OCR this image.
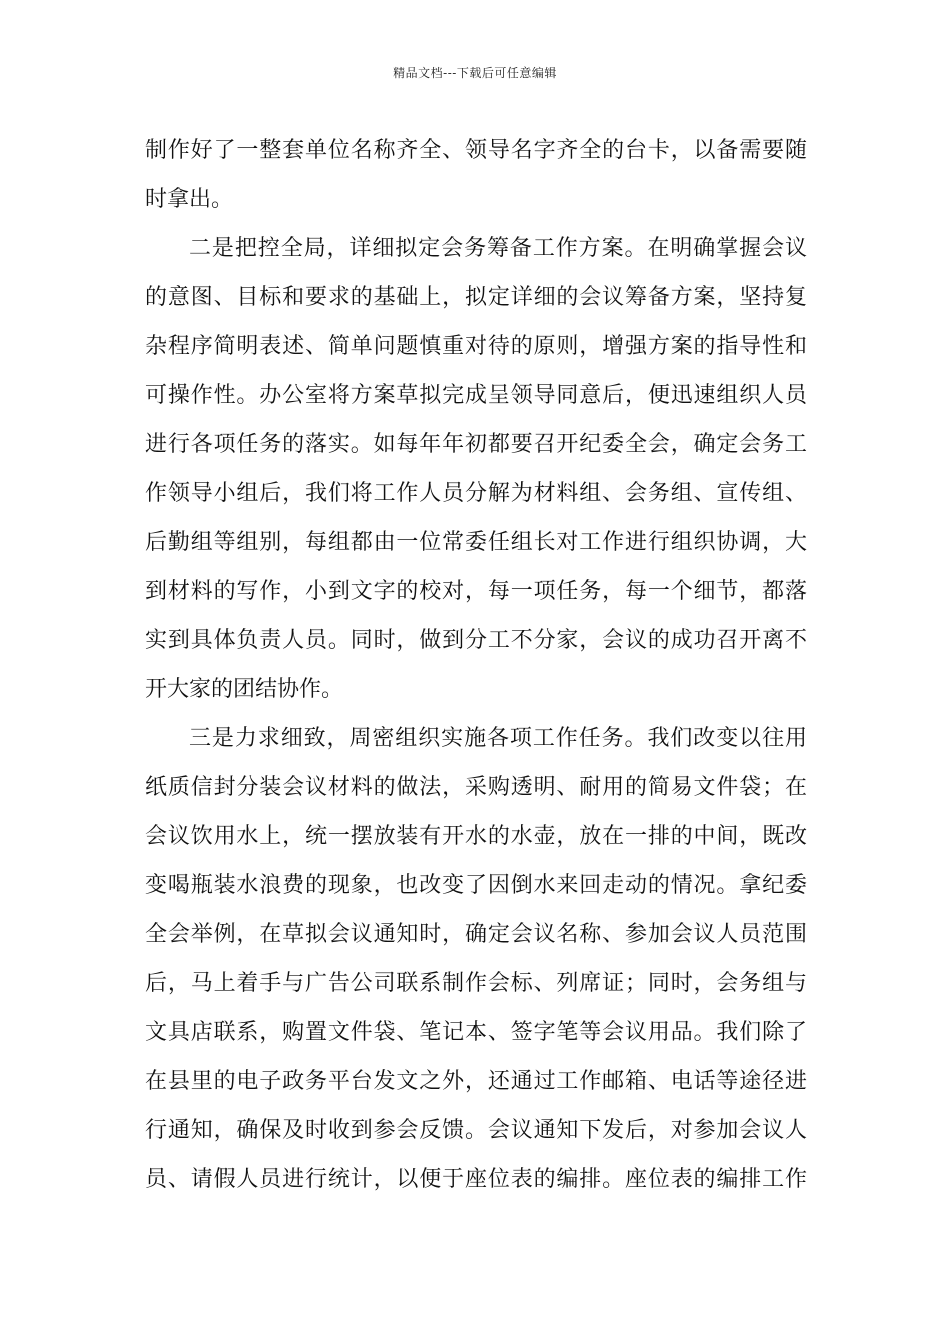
精品文档---下载后可任意编辑
制作好了一整套单位名称齐全、领导名字齐全的台卡，以备需要随
时拿出。
二是把控全局，详细拟定会务筹备工作方案。在明确掌握会议
的意图、目标和要求的基础上，拟定详细的会议筹备方案，坚持复
杂程序简明表述、简单问题慎重对待的原则，增强方案的指导性和
可操作性。办公室将方案草拟完成呈领导同意后，便迅速组织人员
进行各项任务的落实。如每年年初都要召开纪委全会，确定会务工
作领导小组后，我们将工作人员分解为材料组、会务组、宣传组、
后勤组等组别，每组都由一位常委任组长对工作进行组织协调，大
到材料的写作，小到文字的校对，每一项任务，每一个细节，都落
实到具体负责人员。同时，做到分工不分家，会议的成功召开离不
开大家的团结协作。
三是力求细致，周密组织实施各项工作任务。我们改变以往用
纸质信封分装会议材料的做法，采购透明、耐用的简易文件袋；在
会议饮用水上，统一摆放装有开水的水壶，放在一排的中间，既改
变喝瓶装水浪费的现象，也改变了因倒水来回走动的情况。拿纪委
全会举例，在草拟会议通知时，确定会议名称、参加会议人员范围
后，马上着手与广告公司联系制作会标、列席证；同时，会务组与
文具店联系，购置文件袋、笔记本、签字笔等会议用品。我们除了
在县里的电子政务平台发文之外，还通过工作邮箱、电话等途径进
行通知，确保及时收到参会反馈。会议通知下发后，对参加会议人
员、请假人员进行统计，以便于座位表的编排。座位表的编排工作
